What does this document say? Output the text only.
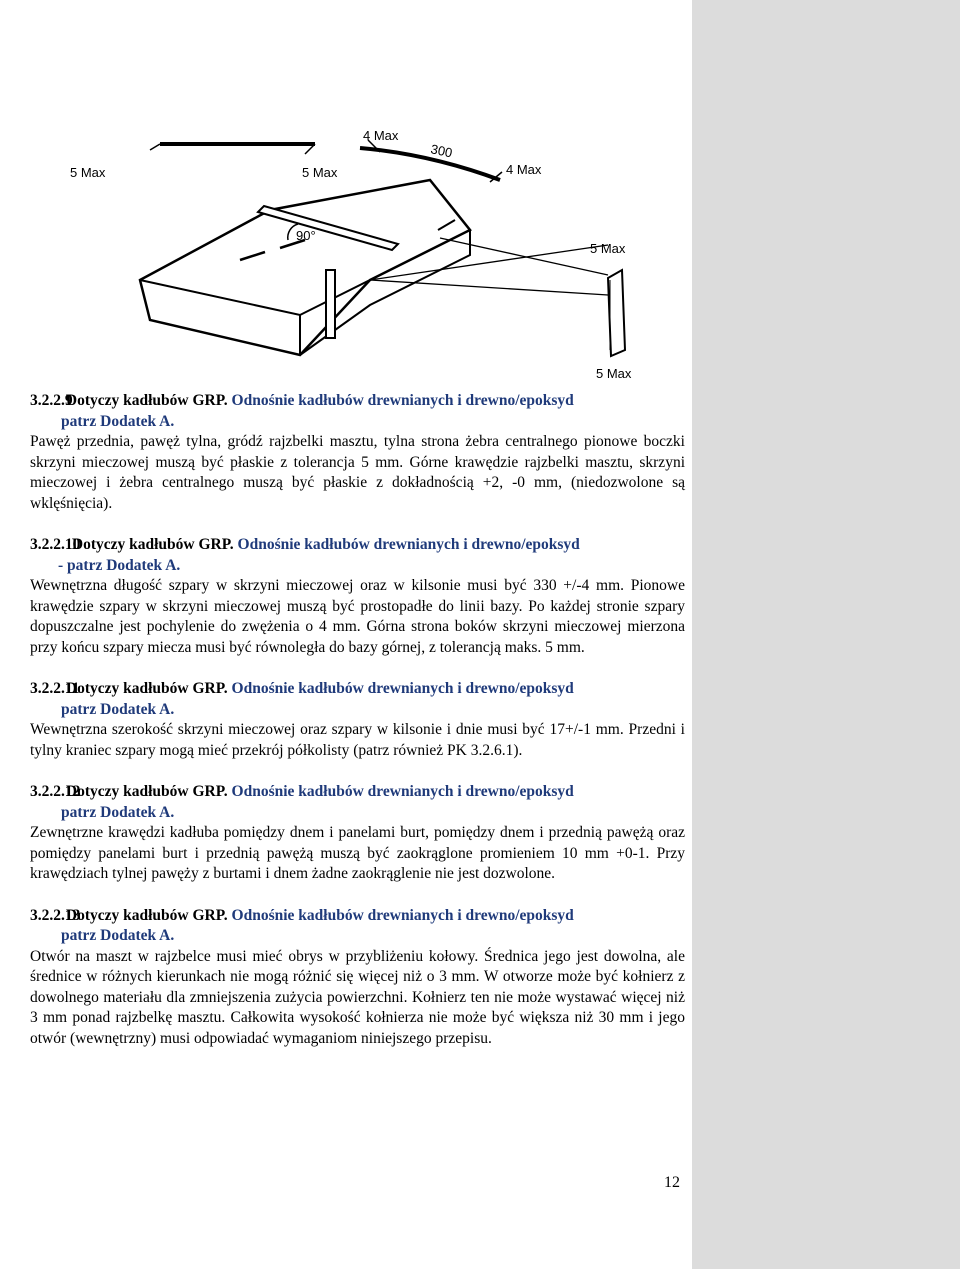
5 Max	5 Max
4 Max
300
4 Max
90°
5 Max
5 Max
3.2.2.9 Dotyczy kadłubów GRP. Odnośnie kadłubów drewnianych i drewno/epoksyd
patrz Dodatek A.
Pawęż przednia, pawęż tylna, gródź rajzbelki masztu, tylna strona żebra centralnego pionowe boczki skrzyni mieczowej muszą być płaskie z tolerancja 5 mm. Górne krawędzie rajzbelki masztu, skrzyni mieczowej i żebra centralnego muszą być płaskie z dokładnością +2, -0 mm, (niedozwolone są wklęśnięcia).
3.2.2.10 Dotyczy kadłubów GRP. Odnośnie kadłubów drewnianych i drewno/epoksyd
- patrz Dodatek A.
Wewnętrzna długość szpary w skrzyni mieczowej oraz w kilsonie musi być 330 +/-4 mm. Pionowe krawędzie szpary w skrzyni mieczowej muszą być prostopadłe do linii bazy. Po każdej stronie szpary dopuszczalne jest pochylenie do zwężenia o 4 mm. Górna strona boków skrzyni mieczowej mierzona przy końcu szpary miecza musi być równoległa do bazy górnej, z tolerancją maks. 5 mm.
3.2.2.11 Dotyczy kadłubów GRP. Odnośnie kadłubów drewnianych i drewno/epoksyd
patrz Dodatek A.
Wewnętrzna szerokość skrzyni mieczowej oraz szpary w kilsonie i dnie musi być 17+/-1 mm. Przedni i tylny kraniec szpary mogą mieć przekrój półkolisty (patrz również PK 3.2.6.1).
3.2.2.12 Dotyczy kadłubów GRP. Odnośnie kadłubów drewnianych i drewno/epoksyd
patrz Dodatek A.
Zewnętrzne krawędzi kadłuba pomiędzy dnem i panelami burt, pomiędzy dnem i przednią pawężą oraz pomiędzy panelami burt i przednią pawężą muszą być zaokrąglone promieniem 10 mm +0-1. Przy krawędziach tylnej pawęży z burtami i dnem żadne zaokrąglenie nie jest dozwolone.
3.2.2.13 Dotyczy kadłubów GRP. Odnośnie kadłubów drewnianych i drewno/epoksyd
patrz Dodatek A.
Otwór na maszt w rajzbelce musi mieć obrys w przybliżeniu kołowy. Średnica jego jest dowolna, ale średnice w różnych kierunkach nie mogą różnić się więcej niż o 3 mm. W otworze może być kołnierz z dowolnego materiału dla zmniejszenia zużycia powierzchni. Kołnierz ten nie może wystawać więcej niż 3 mm ponad rajzbelkę masztu. Całkowita wysokość kołnierza nie może być większa niż 30 mm i jego otwór (wewnętrzny) musi odpowiadać wymaganiom niniejszego przepisu.
12
